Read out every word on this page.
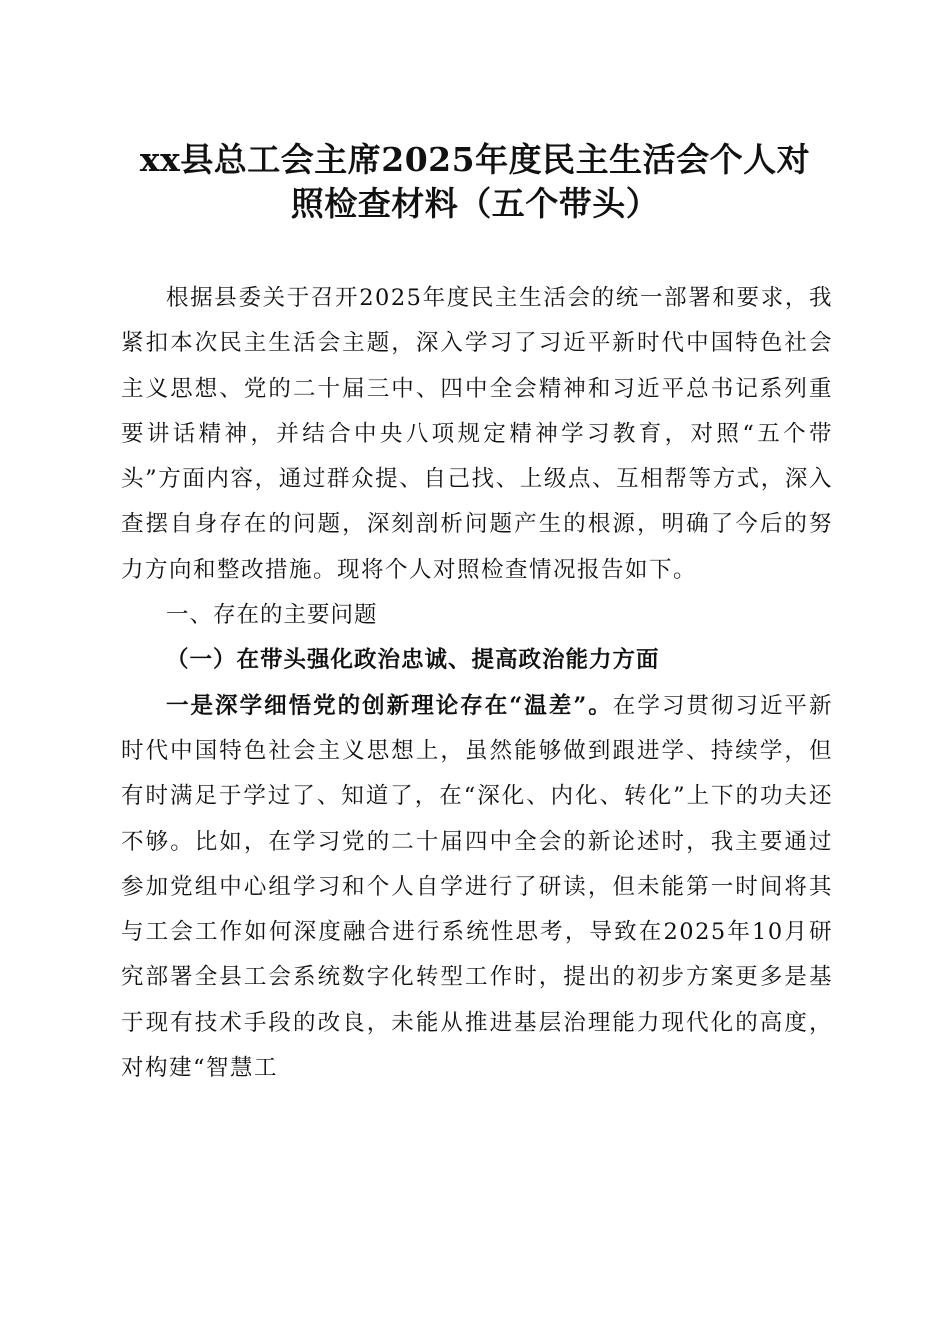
xx县总工会主席2025年度民主生活会个人对
照检查材料（五个带头）

根据县委关于召开2025年度民主生活会的统一部署和要求，我紧扣本次民主生活会主题，深入学习了习近平新时代中国特色社会主义思想、党的二十届三中、四中全会精神和习近平总书记系列重要讲话精神，并结合中央八项规定精神学习教育，对照“五个带头”方面内容，通过群众提、自己找、上级点、互相帮等方式，深入查摆自身存在的问题，深刻剖析问题产生的根源，明确了今后的努力方向和整改措施。现将个人对照检查情况报告如下。

一、存在的主要问题

（一）在带头强化政治忠诚、提高政治能力方面

一是深学细悟党的创新理论存在“温差”。在学习贯彻习近平新时代中国特色社会主义思想上，虽然能够做到跟进学、持续学，但有时满足于学过了、知道了，在“深化、内化、转化”上下的功夫还不够。比如，在学习党的二十届四中全会的新论述时，我主要通过参加党组中心组学习和个人自学进行了研读，但未能第一时间将其与工会工作如何深度融合进行系统性思考，导致在2025年10月研究部署全县工会系统数字化转型工作时，提出的初步方案更多是基于现有技术手段的改良，未能从推进基层治理能力现代化的高度，对构建“智慧工
